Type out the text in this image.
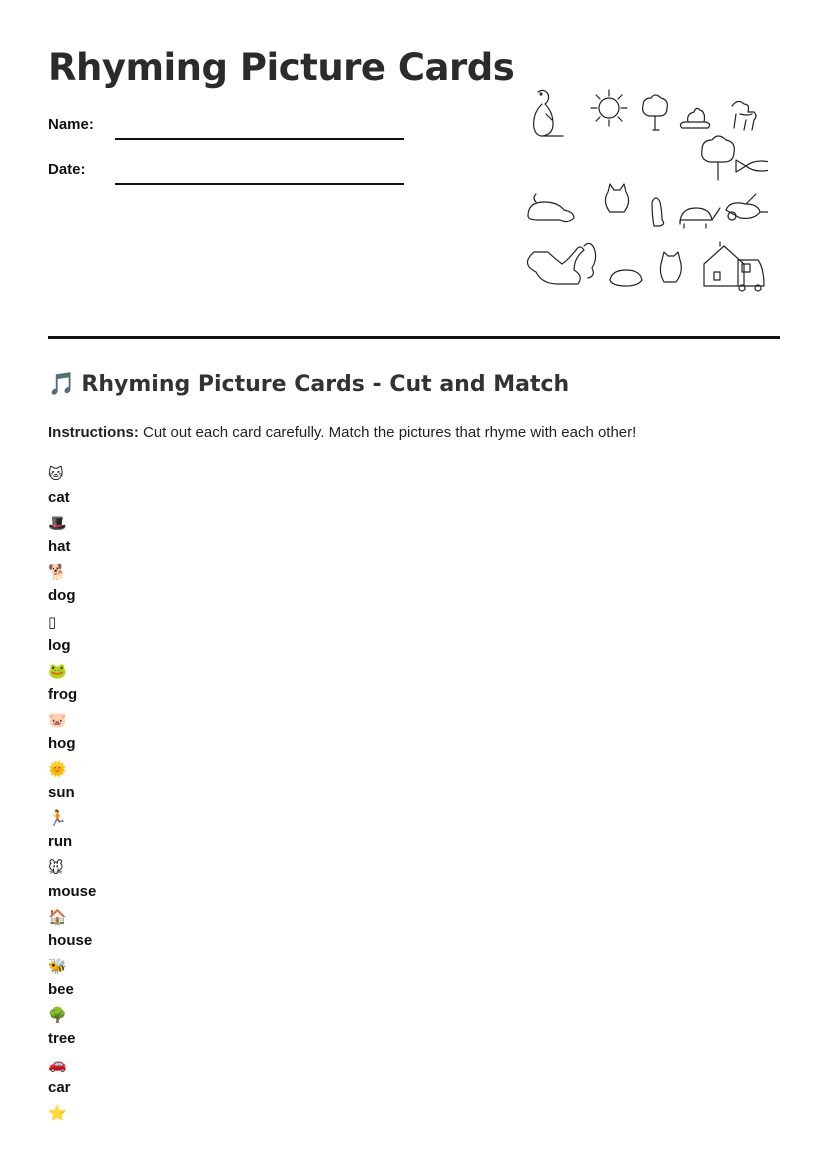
Rhyming Picture Cards
Name:
Date:
🎵 Rhyming Picture Cards - Cut and Match
Instructions: Cut out each card carefully. Match the pictures that rhyme with each other!
🐱
cat
🎩
hat
🐕
dog
▯
log
🐸
frog
🐷
hog
🌞
sun
🏃
run
🐭
mouse
🏠
house
🐝
bee
🌳
tree
🚗
car
⭐
